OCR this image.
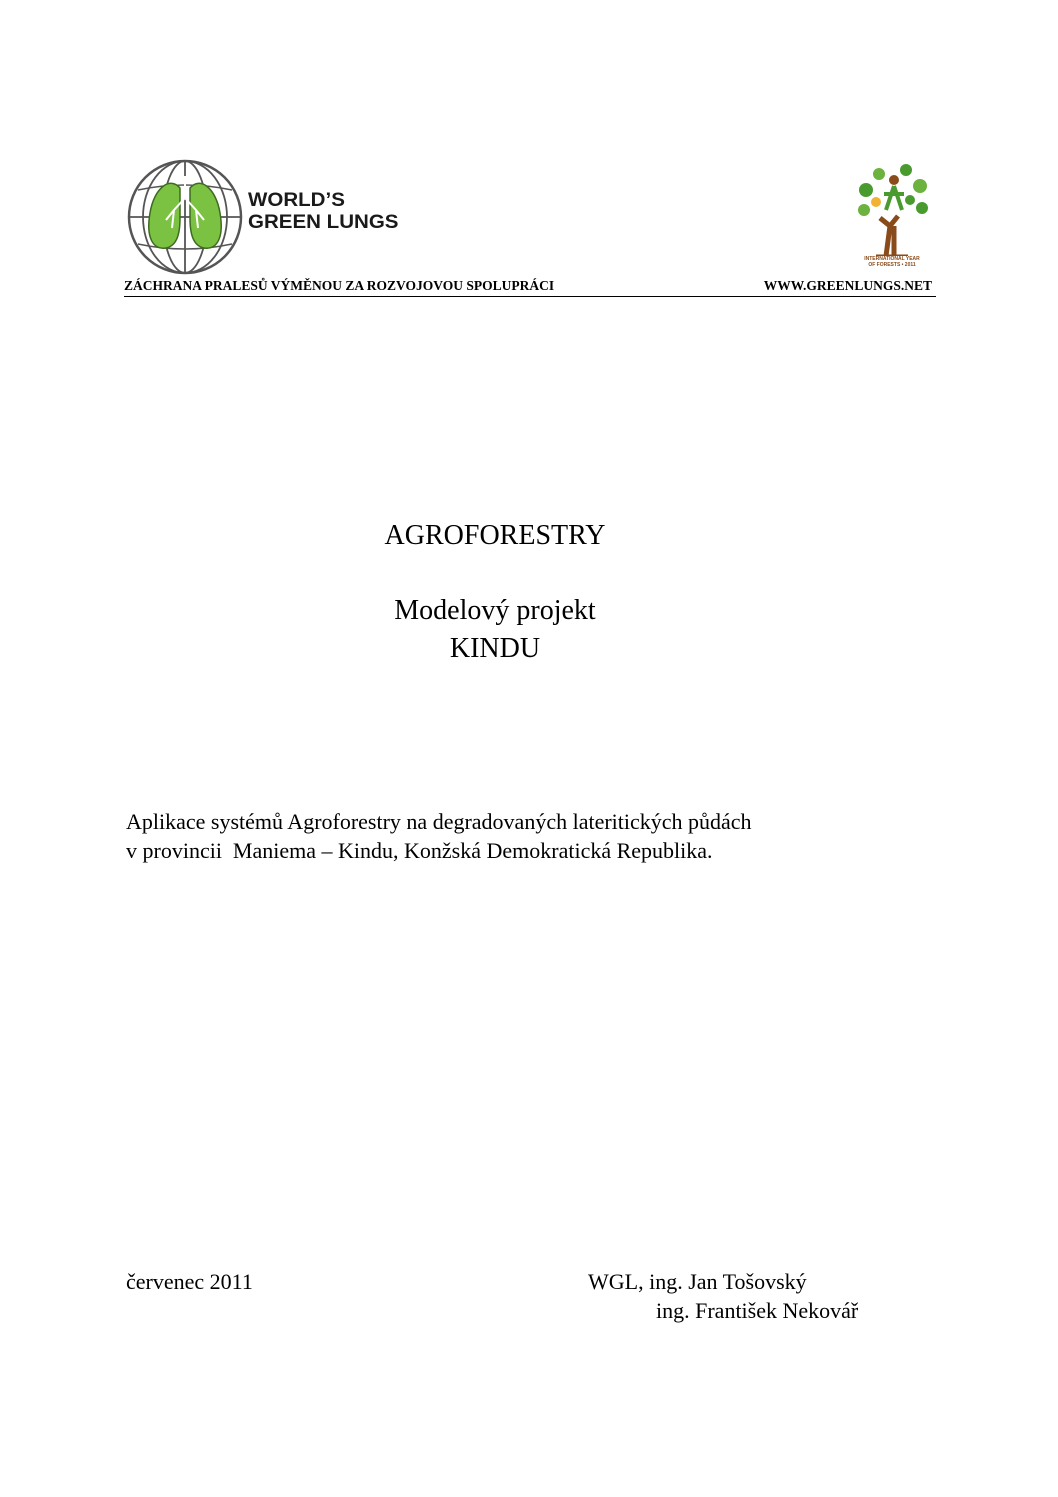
WORLD’S
GREEN LUNGS
INTERNATIONAL YEAR
OF FORESTS • 2011
ZÁCHRANA PRALESŮ VÝMĚNOU ZA ROZVOJOVOU SPOLUPRÁCI	WWW.GREENLUNGS.NET
AGROFORESTRY
Modelový projekt
KINDU
Aplikace systémů Agroforestry na degradovaných lateritických půdách
v provincii  Maniema – Kindu, Konžská Demokratická Republika.
červenec 2011	WGL, ing. Jan Tošovský
ing. František Nekovář
